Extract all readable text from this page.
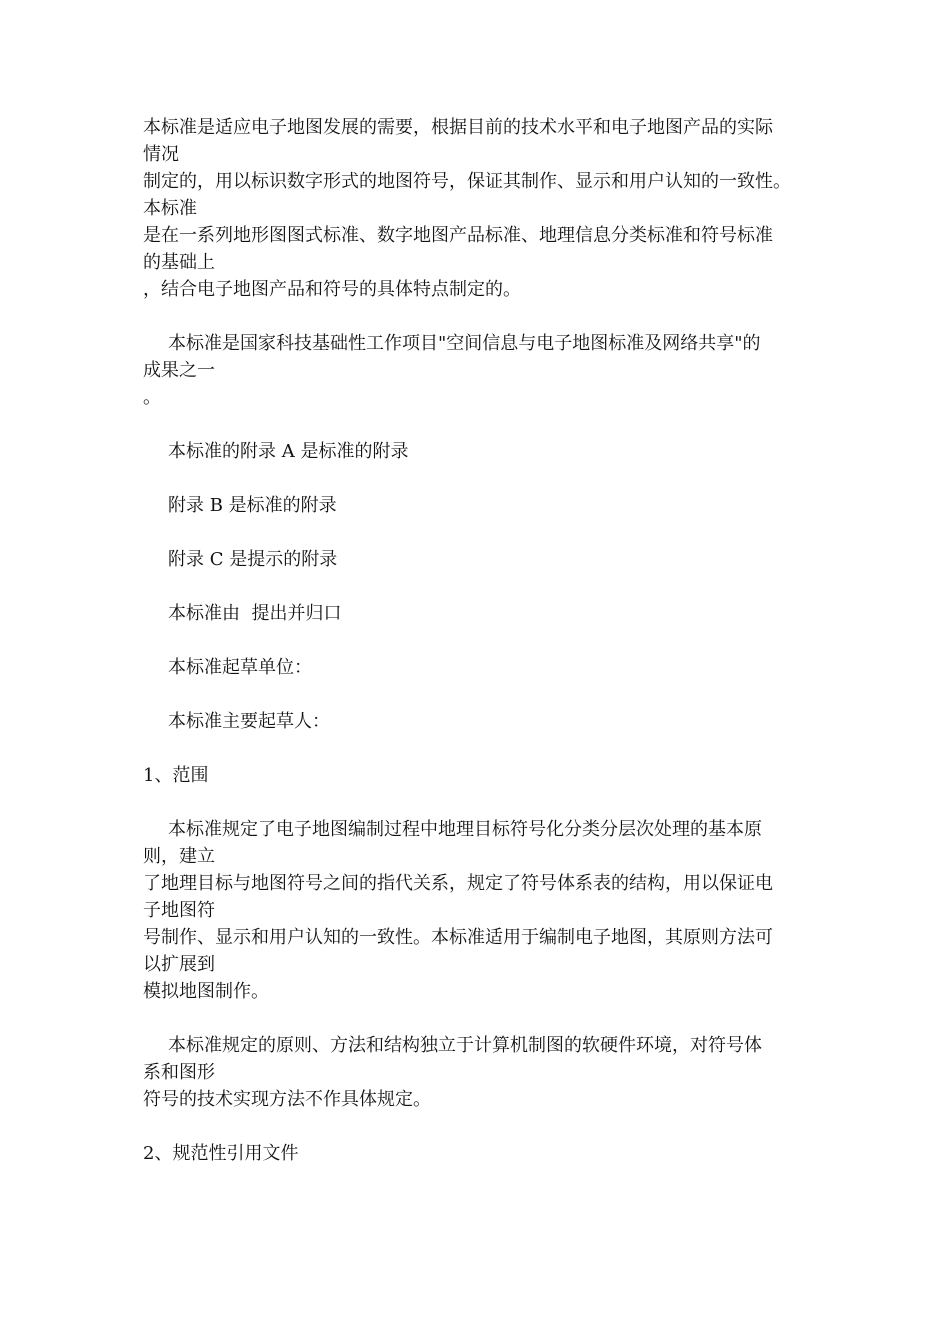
本标准是适应电子地图发展的需要，根据目前的技术水平和电子地图产品的实际
情况
制定的，用以标识数字形式的地图符号，保证其制作、显示和用户认知的一致性。
本标准
是在一系列地形图图式标准、数字地图产品标准、地理信息分类标准和符号标准
的基础上
，结合电子地图产品和符号的具体特点制定的。
本标准是国家科技基础性工作项目"空间信息与电子地图标准及网络共享"的
成果之一
。
本标准的附录 A 是标准的附录
附录 B 是标准的附录
附录 C 是提示的附录
本标准由  提出并归口
本标准起草单位：
本标准主要起草人：
1、范围
本标准规定了电子地图编制过程中地理目标符号化分类分层次处理的基本原
则，建立
了地理目标与地图符号之间的指代关系，规定了符号体系表的结构，用以保证电
子地图符
号制作、显示和用户认知的一致性。本标准适用于编制电子地图，其原则方法可
以扩展到
模拟地图制作。
本标准规定的原则、方法和结构独立于计算机制图的软硬件环境，对符号体
系和图形
符号的技术实现方法不作具体规定。
2、规范性引用文件
